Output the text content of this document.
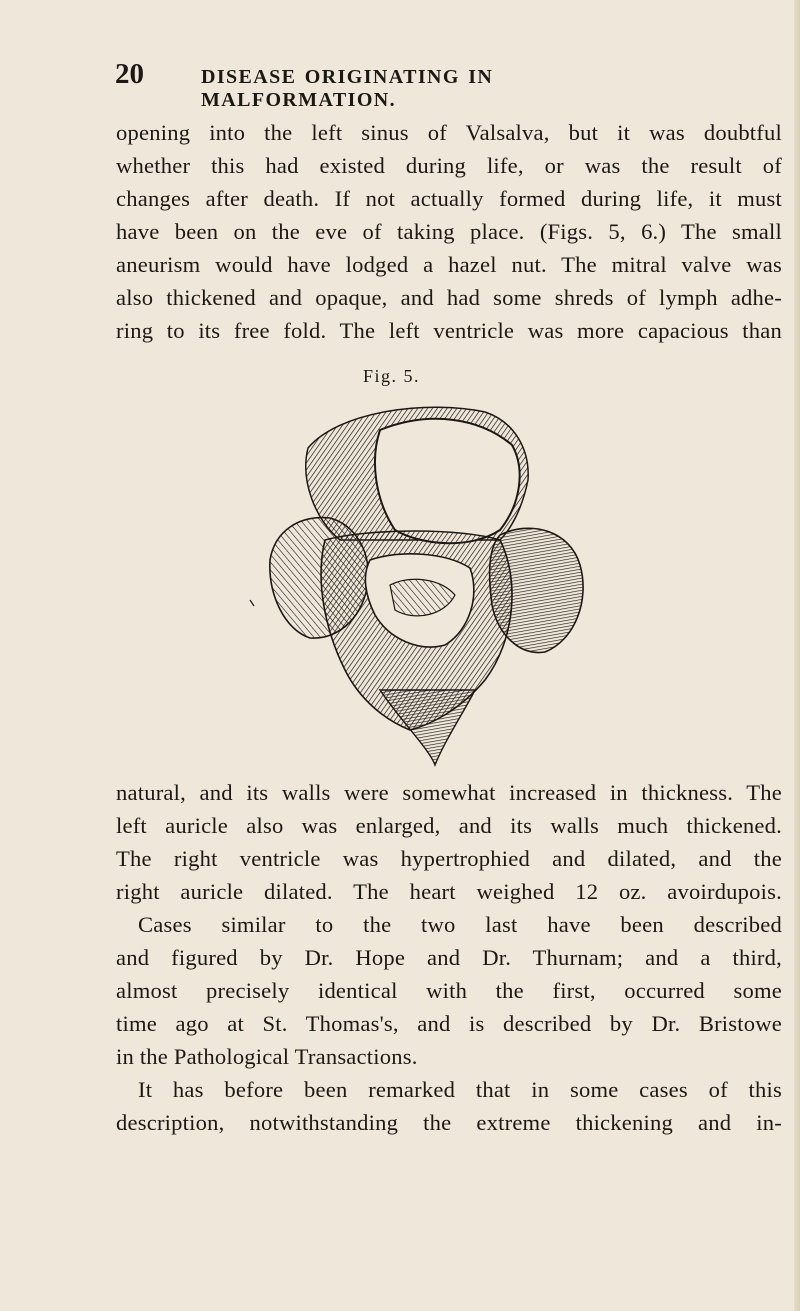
20	DISEASE ORIGINATING IN MALFORMATION.
opening into the left sinus of Valsalva, but it was doubtful
whether this had existed during life, or was the result of
changes after death. If not actually formed during life, it must
have been on the eve of taking place. (Figs. 5, 6.) The small
aneurism would have lodged a hazel nut. The mitral valve was
also thickened and opaque, and had some shreds of lymph adhe-
ring to its free fold. The left ventricle was more capacious than
Fig. 5.
natural, and its walls were somewhat increased in thickness. The
left auricle also was enlarged, and its walls much thickened.
The right ventricle was hypertrophied and dilated, and the
right auricle dilated. The heart weighed 12 oz. avoirdupois.
Cases similar to the two last have been described
and figured by Dr. Hope and Dr. Thurnam; and a third,
almost precisely identical with the first, occurred some
time ago at St. Thomas's, and is described by Dr. Bristowe
in the Pathological Transactions.
It has before been remarked that in some cases of this
description, notwithstanding the extreme thickening and in-
